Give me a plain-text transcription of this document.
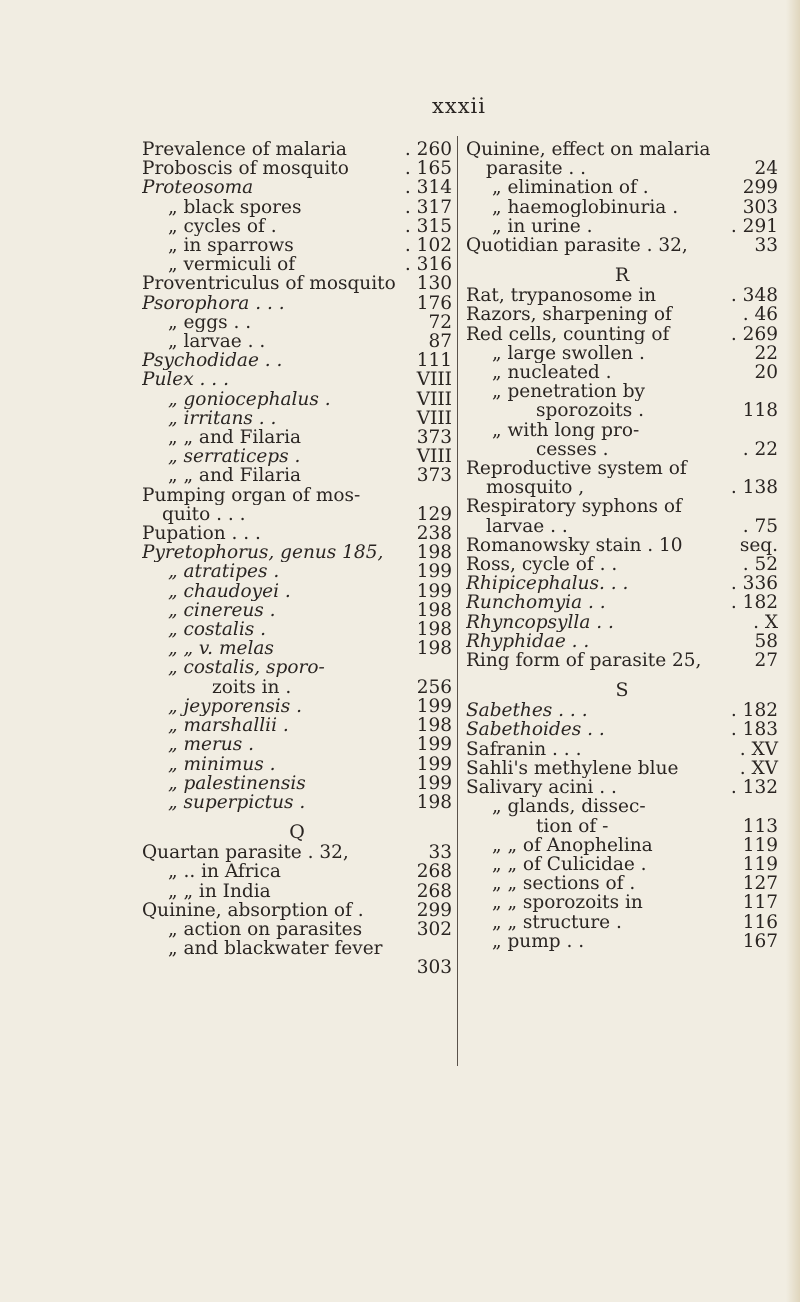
xxxii
Prevalence of malaria	. 260
Proboscis of mosquito	. 165
Proteosoma	. 314
„ black spores	. 317
„ cycles of .	. 315
„ in sparrows	. 102
„ vermiculi of	. 316
Proventriculus of mosquito	130
Psorophora . . .	176
„ eggs . .	72
„ larvae . .	87
Psychodidae . .	111
Pulex . . .	VIII
„ goniocephalus .	VIII
„ irritans . .	VIII
„ „ and Filaria	373
„ serraticeps .	VIII
„ „ and Filaria	373
Pumping organ of mos-
quito . . .	129
Pupation . . .	238
Pyretophorus, genus 185,	198
„ atratipes .	199
„ chaudoyei .	199
„ cinereus .	198
„ costalis .	198
„ „ v. melas	198
„ costalis, sporo-
zoits in .	256
„ jeyporensis .	199
„ marshallii .	198
„ merus .	199
„ minimus .	199
„ palestinensis	199
„ superpictus .	198
Q
Quartan parasite . 32,	33
„ .. in Africa	268
„ „ in India	268
Quinine, absorption of .	299
„ action on parasites	302
„ and blackwater fever
303
Quinine, effect on malaria
parasite . .	24
„ elimination of .	299
„ haemoglobinuria .	303
„ in urine .	. 291
Quotidian parasite . 32,	33
R
Rat, trypanosome in	. 348
Razors, sharpening of	. 46
Red cells, counting of	. 269
„ large swollen .	22
„ nucleated .	20
„ penetration by
sporozoits .	118
„ with long pro-
cesses .	. 22
Reproductive system of
mosquito ,	. 138
Respiratory syphons of
larvae . .	. 75
Romanowsky stain . 10	seq.
Ross, cycle of . .	. 52
Rhipicephalus. . .	. 336
Runchomyia . .	. 182
Rhyncopsylla . .	. X
Rhyphidae . .	58
Ring form of parasite 25,	27
S
Sabethes . . .	. 182
Sabethoides . .	. 183
Safranin . . .	. XV
Sahli's methylene blue	. XV
Salivary acini . .	. 132
„ glands, dissec-
tion of -	113
„ „ of Anophelina	119
„ „ of Culicidae .	119
„ „ sections of .	127
„ „ sporozoits in	117
„ „ structure .	116
„ pump . .	167
